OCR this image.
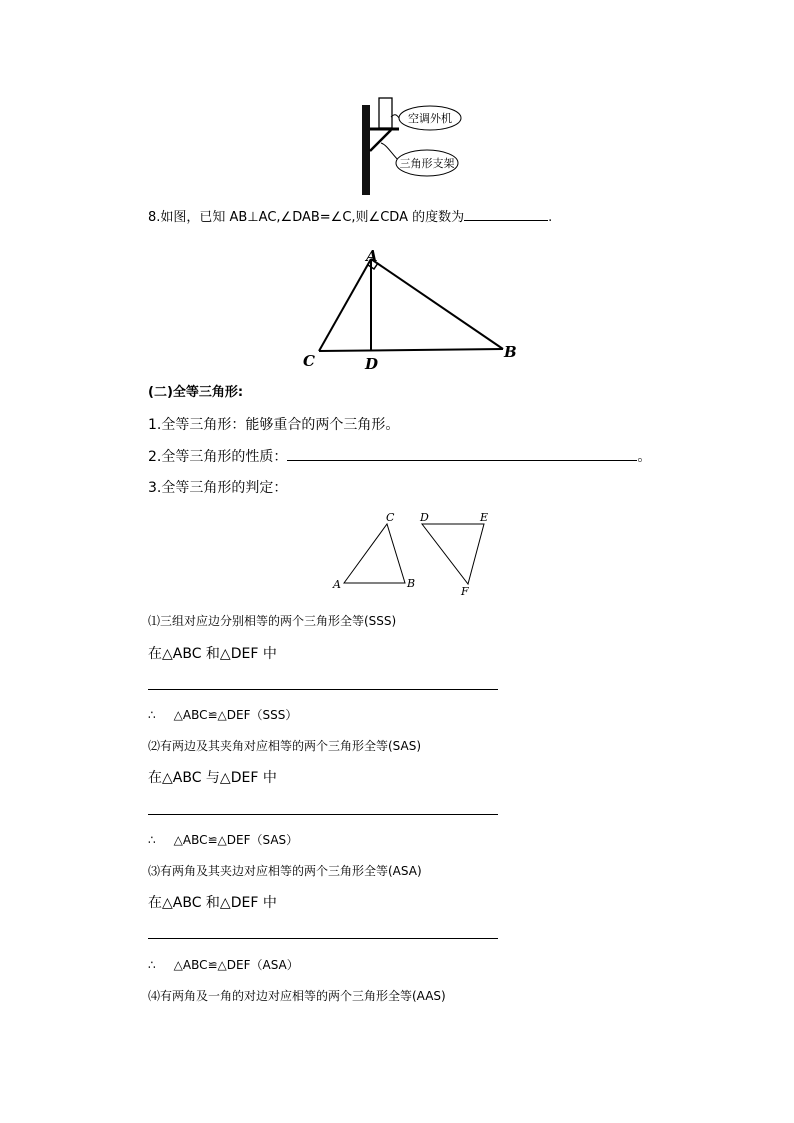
空调外机
三角形支架
8.如图，已知 AB⊥AC,∠DAB=∠C,则∠CDA 的度数为	.
A
B
C	D
(二)全等三角形:
1.全等三角形：能够重合的两个三角形。
2.全等三角形的性质：	。
3.全等三角形的判定：
A	B
C D	E
F
⑴三组对应边分别相等的两个三角形全等(SSS)
在△ABC 和△DEF 中
∴ △ABC≌△DEF（SSS）
⑵有两边及其夹角对应相等的两个三角形全等(SAS)
在△ABC 与△DEF 中
∴ △ABC≌△DEF（SAS）
⑶有两角及其夹边对应相等的两个三角形全等(ASA)
在△ABC 和△DEF 中
∴ △ABC≌△DEF（ASA）
⑷有两角及一角的对边对应相等的两个三角形全等(AAS)
